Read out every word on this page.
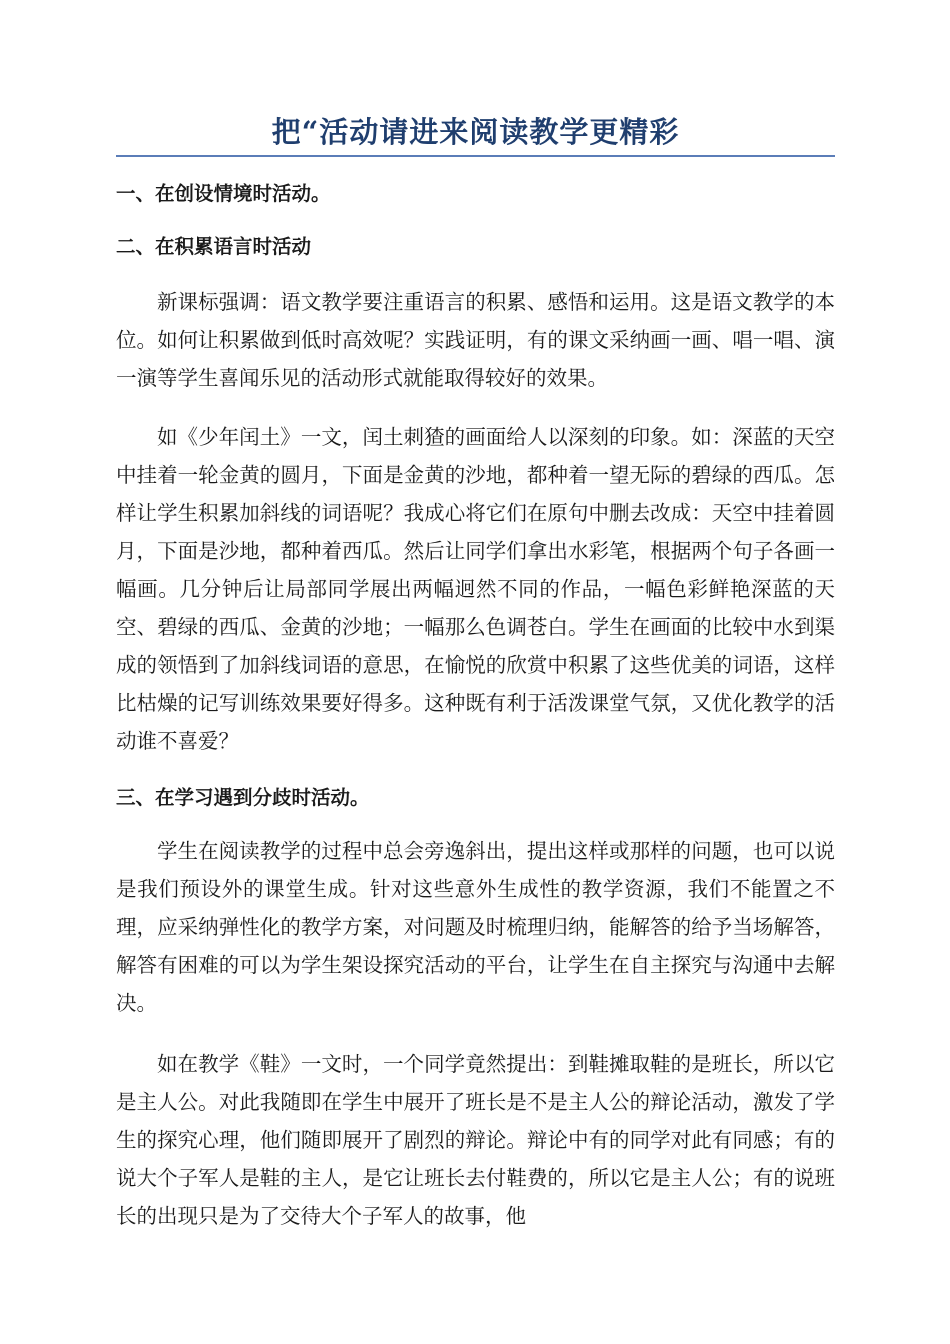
把“活动请进来阅读教学更精彩
一、在创设情境时活动。
二、在积累语言时活动

新课标强调：语文教学要注重语言的积累、感悟和运用。这是语文教学的本位。如何让积累做到低时高效呢？实践证明，有的课文采纳画一画、唱一唱、演一演等学生喜闻乐见的活动形式就能取得较好的效果。

如《少年闰土》一文，闰土刺猹的画面给人以深刻的印象。如：深蓝的天空中挂着一轮金黄的圆月，下面是金黄的沙地，都种着一望无际的碧绿的西瓜。怎样让学生积累加斜线的词语呢？我成心将它们在原句中删去改成：天空中挂着圆月，下面是沙地，都种着西瓜。然后让同学们拿出水彩笔，根据两个句子各画一幅画。几分钟后让局部同学展出两幅迥然不同的作品，一幅色彩鲜艳深蓝的天空、碧绿的西瓜、金黄的沙地；一幅那么色调苍白。学生在画面的比较中水到渠成的领悟到了加斜线词语的意思，在愉悦的欣赏中积累了这些优美的词语，这样比枯燥的记写训练效果要好得多。这种既有利于活泼课堂气氛，又优化教学的活动谁不喜爱？

三、在学习遇到分歧时活动。

学生在阅读教学的过程中总会旁逸斜出，提出这样或那样的问题，也可以说是我们预设外的课堂生成。针对这些意外生成性的教学资源，我们不能置之不理，应采纳弹性化的教学方案，对问题及时梳理归纳，能解答的给予当场解答，解答有困难的可以为学生架设探究活动的平台，让学生在自主探究与沟通中去解决。

如在教学《鞋》一文时，一个同学竟然提出：到鞋摊取鞋的是班长，所以它是主人公。对此我随即在学生中展开了班长是不是主人公的辩论活动，激发了学生的探究心理，他们随即展开了剧烈的辩论。辩论中有的同学对此有同感；有的说大个子军人是鞋的主人，是它让班长去付鞋费的，所以它是主人公；有的说班长的出现只是为了交待大个子军人的故事，他
